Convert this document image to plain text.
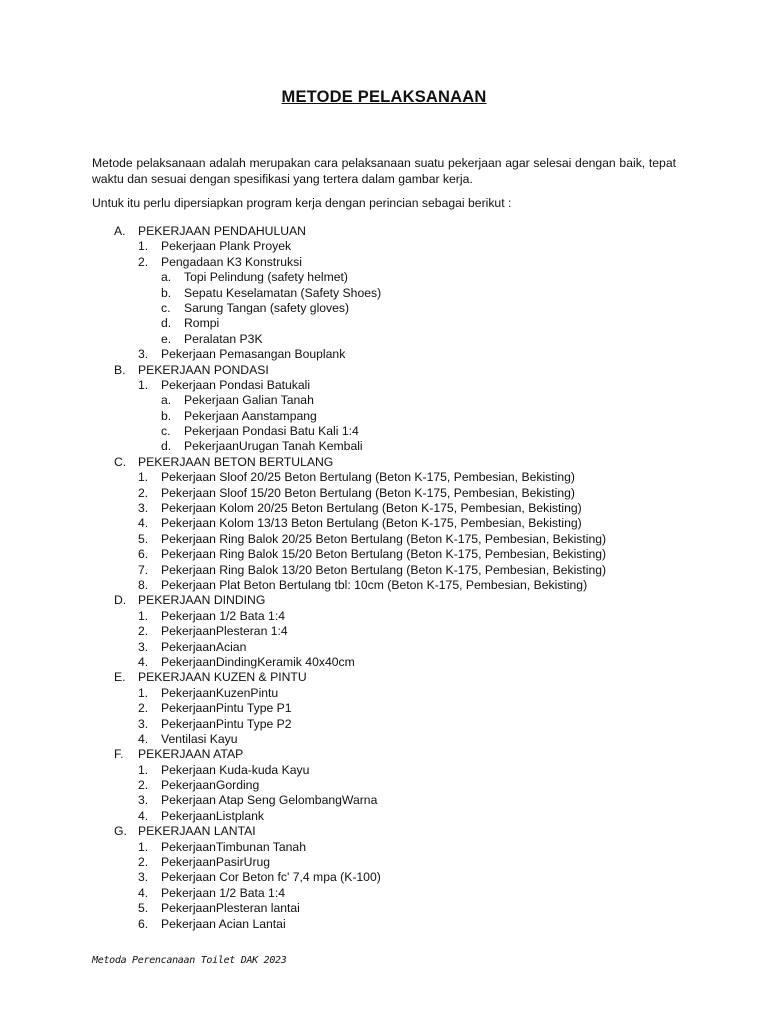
METODE PELAKSANAAN

Metode pelaksanaan adalah merupakan cara pelaksanaan suatu pekerjaan agar selesai dengan baik, tepat waktu dan sesuai dengan spesifikasi yang tertera dalam gambar kerja.

Untuk itu perlu dipersiapkan program kerja dengan perincian sebagai berikut :

A. PEKERJAAN PENDAHULUAN
1. Pekerjaan Plank Proyek
2. Pengadaan K3 Konstruksi
a. Topi Pelindung (safety helmet)
b. Sepatu Keselamatan (Safety Shoes)
c. Sarung Tangan (safety gloves)
d. Rompi
e. Peralatan P3K
3. Pekerjaan Pemasangan Bouplank
B. PEKERJAAN PONDASI
1. Pekerjaan Pondasi Batukali
a. Pekerjaan Galian Tanah
b. Pekerjaan Aanstampang
c. Pekerjaan Pondasi Batu Kali 1:4
d. PekerjaanUrugan Tanah Kembali
C. PEKERJAAN BETON BERTULANG
1. Pekerjaan Sloof 20/25 Beton Bertulang (Beton K-175, Pembesian, Bekisting)
2. Pekerjaan Sloof 15/20 Beton Bertulang (Beton K-175, Pembesian, Bekisting)
3. Pekerjaan Kolom 20/25 Beton Bertulang (Beton K-175, Pembesian, Bekisting)
4. Pekerjaan Kolom 13/13 Beton Bertulang (Beton K-175, Pembesian, Bekisting)
5. Pekerjaan Ring Balok 20/25 Beton Bertulang (Beton K-175, Pembesian, Bekisting)
6. Pekerjaan Ring Balok 15/20 Beton Bertulang (Beton K-175, Pembesian, Bekisting)
7. Pekerjaan Ring Balok 13/20 Beton Bertulang (Beton K-175, Pembesian, Bekisting)
8. Pekerjaan Plat Beton Bertulang tbl: 10cm (Beton K-175, Pembesian, Bekisting)
D. PEKERJAAN DINDING
1. Pekerjaan 1/2 Bata 1:4
2. PekerjaanPlesteran 1:4
3. PekerjaanAcian
4. PekerjaanDindingKeramik 40x40cm
E. PEKERJAAN KUZEN & PINTU
1. PekerjaanKuzenPintu
2. PekerjaanPintu Type P1
3. PekerjaanPintu Type P2
4. Ventilasi Kayu
F. PEKERJAAN ATAP
1. Pekerjaan Kuda-kuda Kayu
2. PekerjaanGording
3. Pekerjaan Atap Seng GelombangWarna
4. PekerjaanListplank
G. PEKERJAAN LANTAI
1. PekerjaanTimbunan Tanah
2. PekerjaanPasirUrug
3. Pekerjaan Cor Beton fc' 7,4 mpa (K-100)
4. Pekerjaan 1/2 Bata 1:4
5. PekerjaanPlesteran lantai
6. Pekerjaan Acian Lantai
Metoda Perencanaan Toilet DAK 2023
